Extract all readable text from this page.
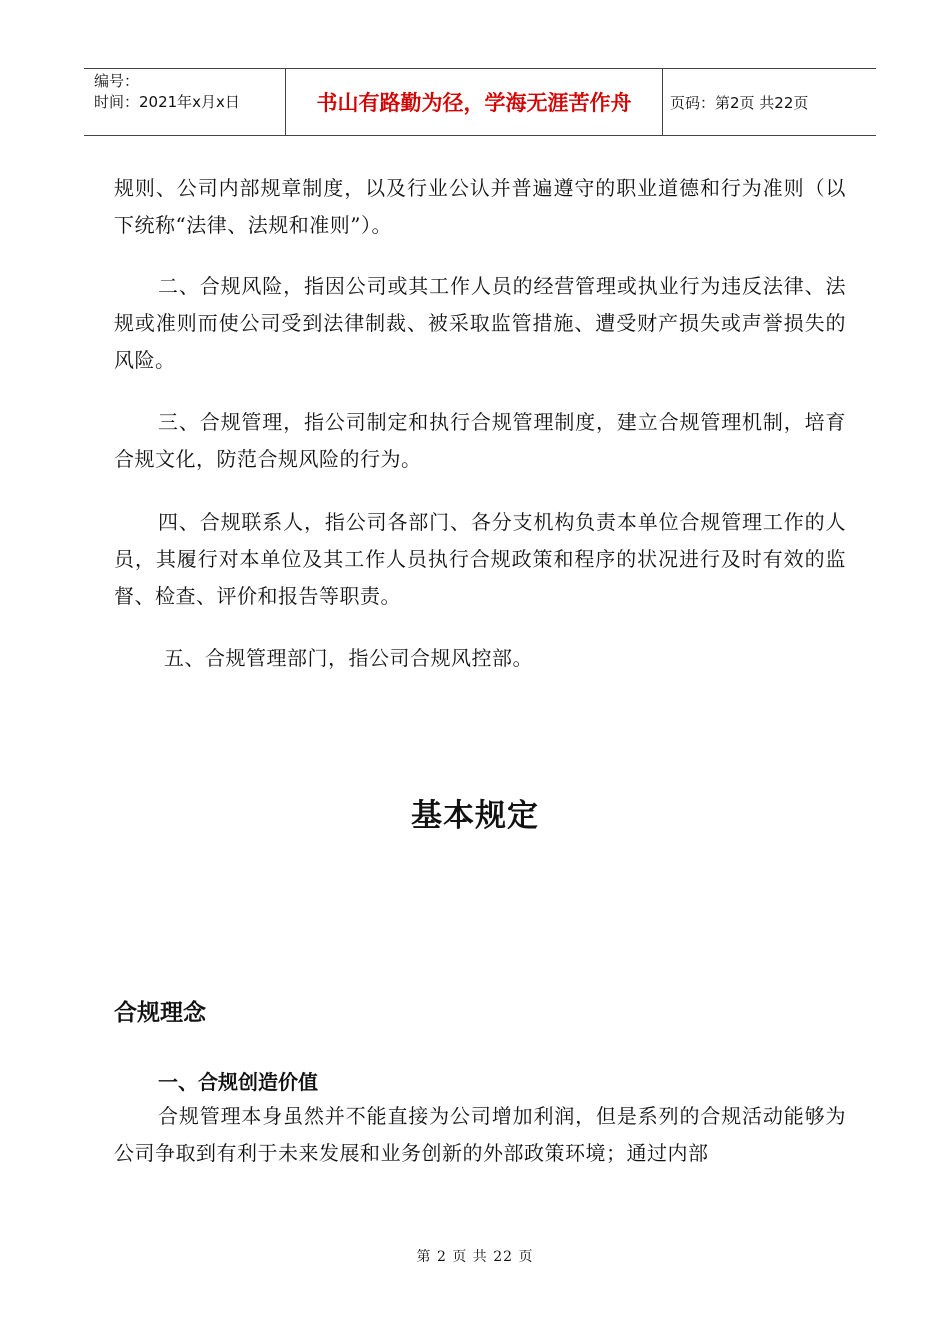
编号：
时间：2021年x月x日	书山有路勤为径，学海无涯苦作舟	页码：第2页 共22页

规则、公司内部规章制度，以及行业公认并普遍遵守的职业道德和行为准则（以下统称“法律、法规和准则”）。

二、合规风险，指因公司或其工作人员的经营管理或执业行为违反法律、法规或准则而使公司受到法律制裁、被采取监管措施、遭受财产损失或声誉损失的风险。

三、合规管理，指公司制定和执行合规管理制度，建立合规管理机制，培育合规文化，防范合规风险的行为。

四、合规联系人，指公司各部门、各分支机构负责本单位合规管理工作的人员，其履行对本单位及其工作人员执行合规政策和程序的状况进行及时有效的监督、检查、评价和报告等职责。

五、合规管理部门，指公司合规风控部。

基本规定
合规理念
一、合规创造价值

合规管理本身虽然并不能直接为公司增加利润，但是系列的合规活动能够为公司争取到有利于未来发展和业务创新的外部政策环境；通过内部

第 2 页 共 22 页
